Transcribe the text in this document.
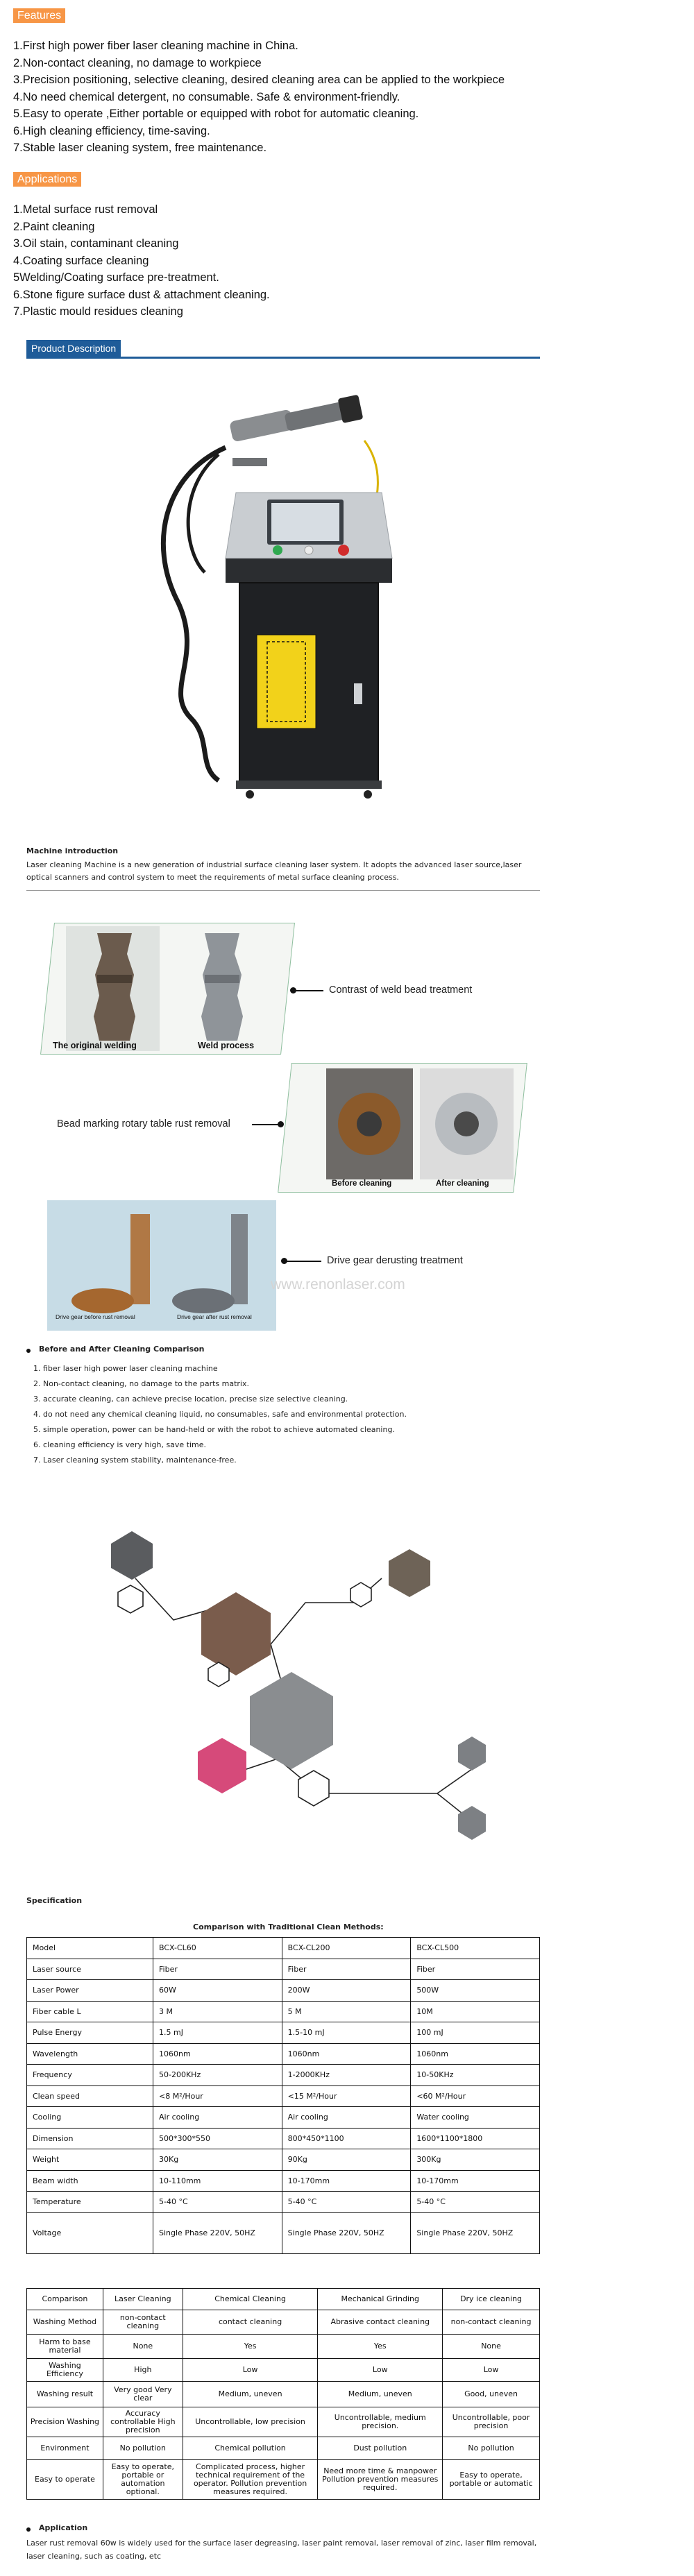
Features
1.First high power fiber laser cleaning machine in China.
2.Non-contact cleaning, no damage to workpiece
3.Precision positioning, selective cleaning, desired cleaning area can be applied to the workpiece
4.No need chemical detergent, no consumable. Safe & environment-friendly.
5.Easy to operate ,Either portable or equipped with robot for automatic cleaning.
6.High cleaning efficiency, time-saving.
7.Stable laser cleaning system, free maintenance.
Applications
1.Metal surface rust removal
2.Paint cleaning
3.Oil stain, contaminant cleaning
4.Coating surface cleaning
5Welding/Coating surface pre-treatment.
6.Stone figure surface dust & attachment cleaning.
7.Plastic mould residues cleaning
Product Description
Machine introduction
Laser cleaning Machine is a new generation of industrial surface cleaning laser system. It adopts the advanced laser source,laser optical scanners and control system to meet the requirements of metal surface cleaning process.
The original welding	Weld process
Contrast of weld bead treatment
Bead marking rotary table rust removal
Before cleaning	After cleaning
Drive gear before rust removal	Drive gear after rust removal
Drive gear derusting treatment
www.renonlaser.com
Before and After Cleaning Comparison
1. fiber laser high power laser cleaning machine
2. Non-contact cleaning, no damage to the parts matrix.
3. accurate cleaning, can achieve precise location, precise size selective cleaning.
4. do not need any chemical cleaning liquid, no consumables, safe and environmental protection.
5. simple operation, power can be hand-held or with the robot to achieve automated cleaning.
6. cleaning efficiency is very high, save time.
7. Laser cleaning system stability, maintenance-free.
Specification
Comparison with Traditional Clean Methods:
Model	BCX-CL60	BCX-CL200	BCX-CL500
Laser source	Fiber	Fiber	Fiber
Laser Power	60W	200W	500W
Fiber cable L	3 M	5 M	10M
Pulse Energy	1.5 mJ	1.5-10 mJ	100 mJ
Wavelength	1060nm	1060nm	1060nm
Frequency	50-200KHz	1-2000KHz	10-50KHz
Clean speed	<8 M²/Hour	<15 M²/Hour	<60 M²/Hour
Cooling	Air cooling	Air cooling	Water cooling
Dimension	500*300*550	800*450*1100	1600*1100*1800
Weight	30Kg	90Kg	300Kg
Beam width	10-110mm	10-170mm	10-170mm
Temperature	5-40 °C	5-40 °C	5-40 °C
Voltage	Single Phase 220V, 50HZ	Single Phase 220V, 50HZ	Single Phase 220V, 50HZ
Comparison	Laser Cleaning	Chemical Cleaning	Mechanical Grinding	Dry ice cleaning
Washing Method	non-contact cleaning	contact cleaning	Abrasive contact cleaning	non-contact cleaning
Harm to base material	None	Yes	Yes	None
Washing Efficiency	High	Low	Low	Low
Washing result	Very good Very clear	Medium, uneven	Medium, uneven	Good, uneven
Precision Washing	Accuracy controllable High precision	Uncontrollable, low precision	Uncontrollable, medium precision.	Uncontrollable, poor precision
Environment	No pollution	Chemical pollution	Dust pollution	No pollution
Easy to operate	Easy to operate, portable or automation optional.	Complicated process, higher technical requirement of the operator. Pollution prevention measures required.	Need more time & manpower Pollution prevention measures required.	Easy to operate, portable or automatic
Application
Laser rust removal 60w is widely used for the surface laser degreasing, laser paint removal, laser removal of zinc, laser film removal, laser cleaning, such as coating, etc
